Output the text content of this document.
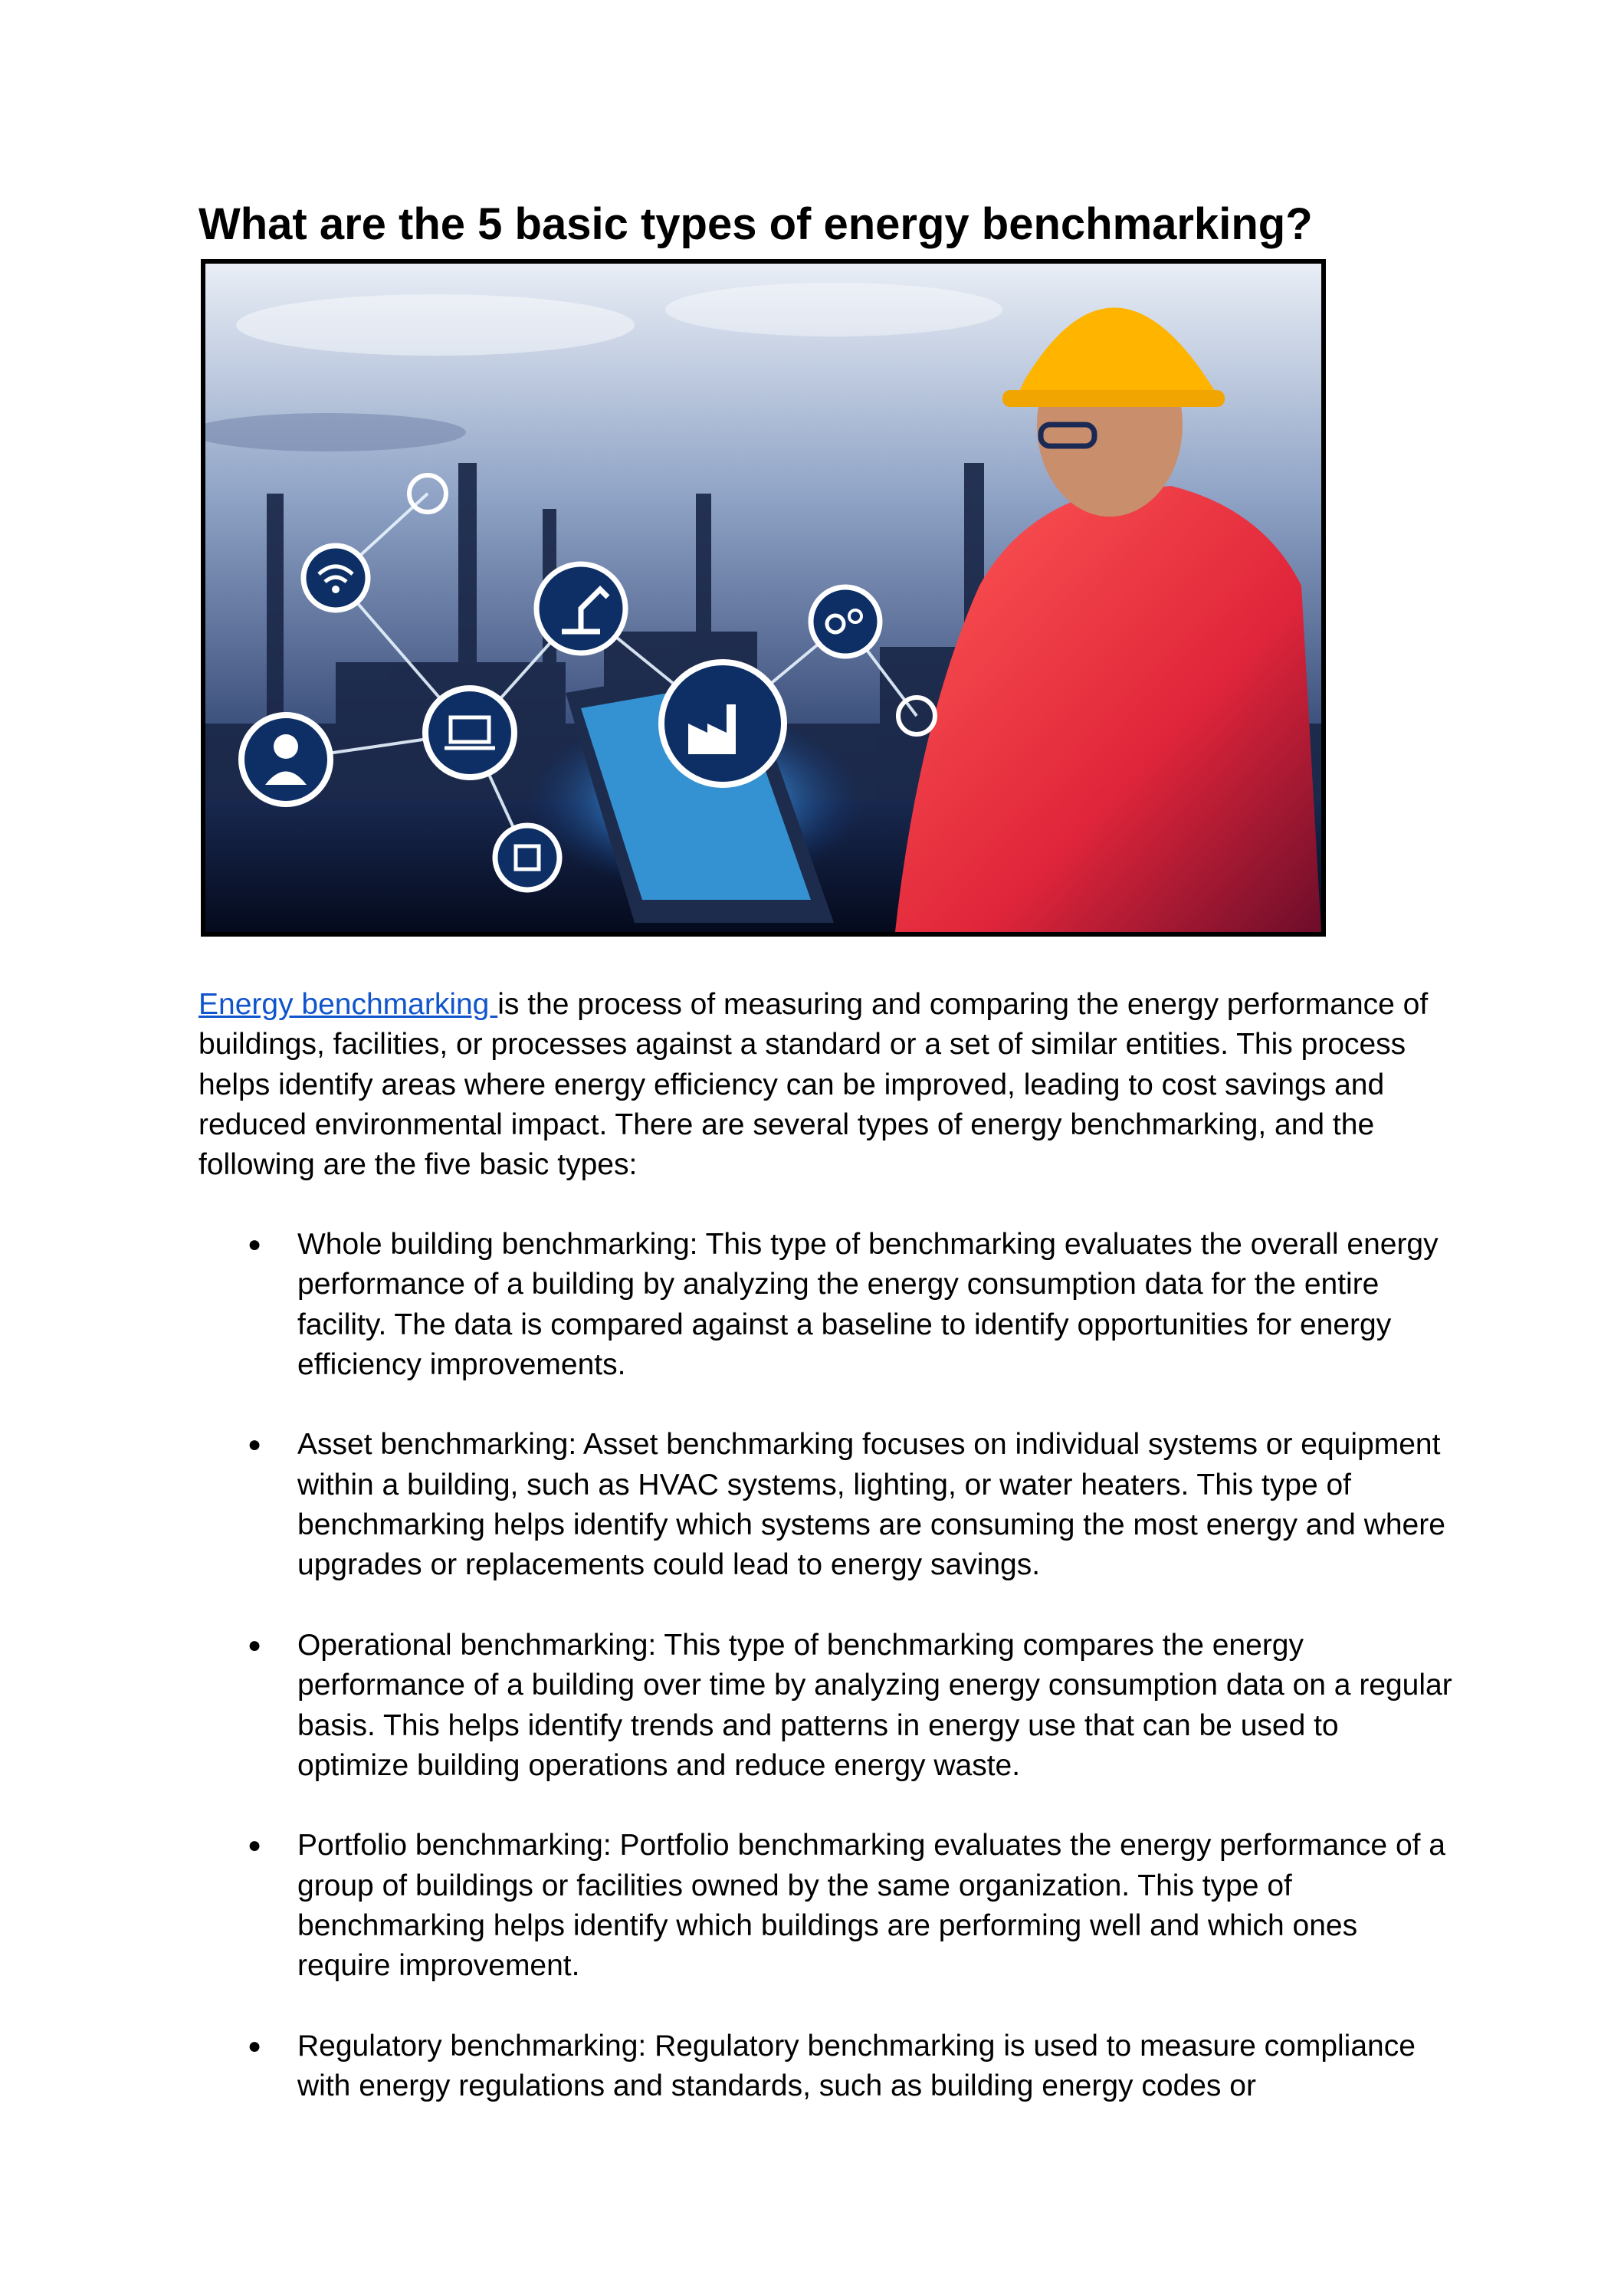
What are the 5 basic types of energy benchmarking?

Energy benchmarking is the process of measuring and comparing the energy performance of buildings, facilities, or processes against a standard or a set of similar entities. This process helps identify areas where energy efficiency can be improved, leading to cost savings and reduced environmental impact. There are several types of energy benchmarking, and the following are the five basic types:

● Whole building benchmarking: This type of benchmarking evaluates the overall energy performance of a building by analyzing the energy consumption data for the entire facility. The data is compared against a baseline to identify opportunities for energy efficiency improvements.
● Asset benchmarking: Asset benchmarking focuses on individual systems or equipment within a building, such as HVAC systems, lighting, or water heaters. This type of benchmarking helps identify which systems are consuming the most energy and where upgrades or replacements could lead to energy savings.
● Operational benchmarking: This type of benchmarking compares the energy performance of a building over time by analyzing energy consumption data on a regular basis. This helps identify trends and patterns in energy use that can be used to optimize building operations and reduce energy waste.
● Portfolio benchmarking: Portfolio benchmarking evaluates the energy performance of a group of buildings or facilities owned by the same organization. This type of benchmarking helps identify which buildings are performing well and which ones require improvement.
● Regulatory benchmarking: Regulatory benchmarking is used to measure compliance with energy regulations and standards, such as building energy codes or
